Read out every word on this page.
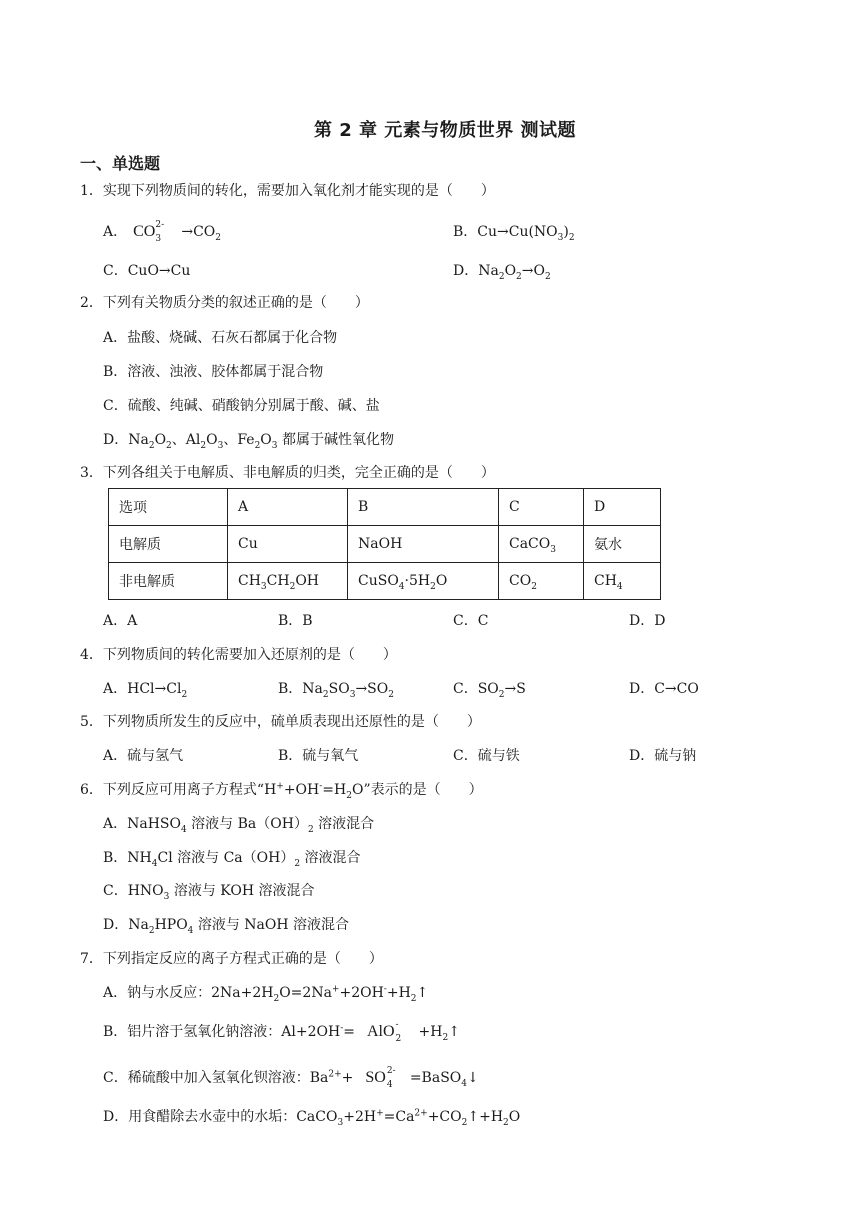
第 2 章 元素与物质世界 测试题
一、单选题
1．实现下列物质间的转化，需要加入氧化剂才能实现的是（　　）
A． CO 2-
$3 \to CO_2$	B．$Cu\to Cu(NO_3)_2$
C．CuO→Cu	D．$Na_2O_2\to O_2$
2．下列有关物质分类的叙述正确的是（　　）
A．盐酸、烧碱、石灰石都属于化合物
B．溶液、浊液、胶体都属于混合物
C．硫酸、纯碱、硝酸钠分别属于酸、碱、盐
D．$Na_2O_2$、$Al_2O_3$、$Fe_2O_3$ 都属于碱性氧化物
3．下列各组关于电解质、非电解质的归类，完全正确的是（　　）
选项	A	B	C	D
电解质	Cu	NaOH	CaCO$_3$	氨水
非电解质	$CH_3CH_2OH$	$CuSO_4\cdot 5H_2O$	$CO_2$	$CH_4$
A．A	B．B	C．C	D．D
4．下列物质间的转化需要加入还原剂的是（　　）
A．$HCl\to Cl_2$	B．$Na_2SO_3\to SO_2$	C．$SO_2\to S$	D．C→CO
5．下列物质所发生的反应中，硫单质表现出还原性的是（　　）
A．硫与氢气	B．硫与氧气	C．硫与铁	D．硫与钠
6．下列反应可用离子方程式“$H^++OH^-=H_2O$”表示的是（　　）
A．NaHSO$_4$ 溶液与 $Ba(OH)_2$ 溶液混合
B．$NH_4Cl$ 溶液与 $Ca(OH)_2$ 溶液混合
C．$HNO_3$ 溶液与 KOH 溶液混合
D．$Na_2HPO_4$ 溶液与 NaOH 溶液混合
7．下列指定反应的离子方程式正确的是（　　）
A．钠与水反应：$2Na+2H_2O=2Na^++2OH^-+H_2↑$
B．铝片溶于氢氧化钠溶液：Al+2OH-= AlO -
$2 +H_2↑$
C．稀硫酸中加入氢氧化钡溶液：$Ba^{2+}+$ SO 2-
4 =BaSO$_4$↓
D．用食醋除去水壶中的水垢：$CaCO_3+2H^+=Ca^{2+}+CO_2↑+H_2O$
